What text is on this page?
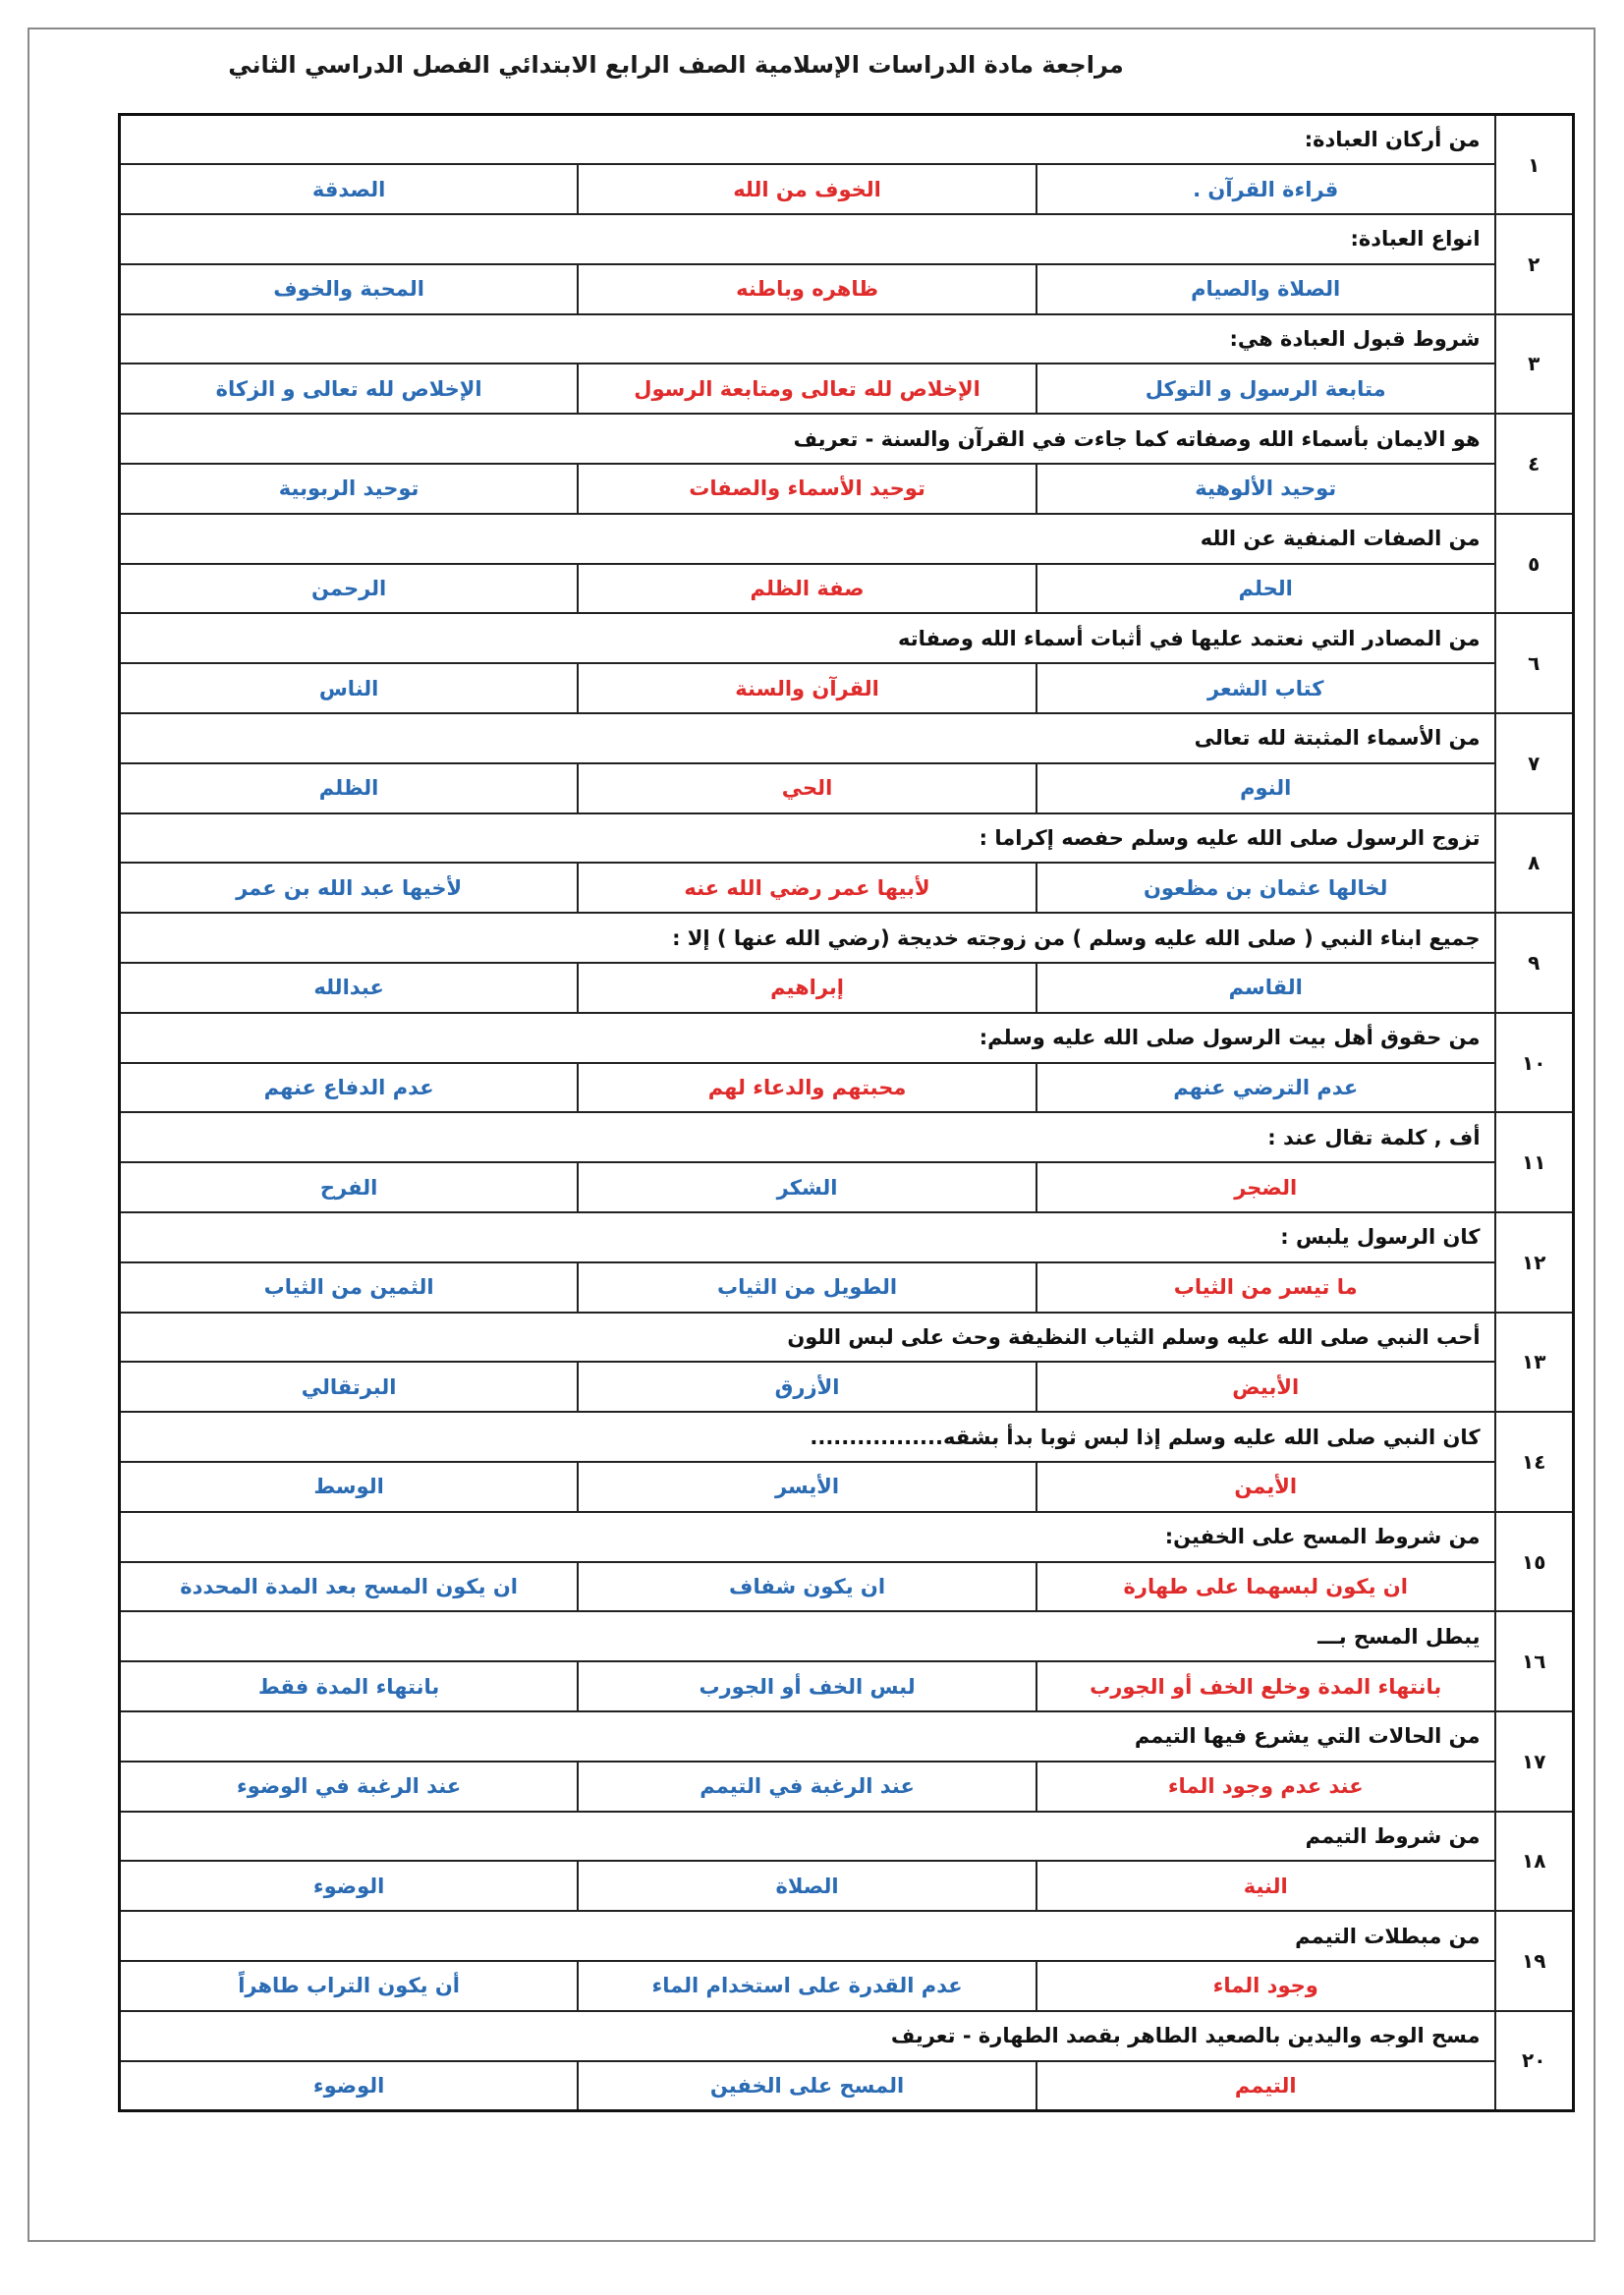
مراجعة مادة الدراسات الإسلامية الصف الرابع الابتدائي الفصل الدراسي الثاني
١	من أركان العبادة:		
	قراءة القرآن .	الخوف من الله	الصدقة
٢	انواع العبادة:		
	الصلاة والصيام	ظاهره وباطنه	المحبة والخوف
٣	شروط قبول العبادة هي:		
	متابعة الرسول و التوكل	الإخلاص لله تعالى ومتابعة الرسول	الإخلاص لله تعالى و الزكاة
٤	هو الايمان بأسماء الله وصفاته كما جاءت في القرآن والسنة - تعريف		
	توحيد الألوهية	توحيد الأسماء والصفات	توحيد الربوبية
٥	من الصفات المنفية عن الله		
	الحلم	صفة الظلم	الرحمن
٦	من المصادر التي نعتمد عليها في أثبات أسماء الله وصفاته		
	كتاب الشعر	القرآن والسنة	الناس
٧	من الأسماء المثبتة لله تعالى		
	النوم	الحي	الظلم
٨	تزوج الرسول صلى الله عليه وسلم حفصه إكراما :		
	لخالها عثمان بن مظعون	لأبيها عمر رضي الله عنه	لأخيها عبد الله بن عمر
٩	جميع ابناء النبي ( صلى الله عليه وسلم ) من زوجته خديجة (رضي الله عنها ) إلا :		
	القاسم	إبراهيم	عبدالله
١٠	من حقوق أهل بيت الرسول صلى الله عليه وسلم:		
	عدم الترضي عنهم	محبتهم والدعاء لهم	عدم الدفاع عنهم
١١	أف , كلمة تقال عند :		
	الضجر	الشكر	الفرح
١٢	كان الرسول يلبس :		
	ما تيسر من الثياب	الطويل من الثياب	الثمين من الثياب
١٣	أحب النبي صلى الله عليه وسلم الثياب النظيفة وحث على لبس اللون		
	الأبيض	الأزرق	البرتقالي
١٤	كان النبي صلى الله عليه وسلم إذا لبس ثوبا بدأ بشقه.................		
	الأيمن	الأيسر	الوسط
١٥	من شروط المسح على الخفين:		
	ان يكون لبسهما على طهارة	ان يكون شفاف	ان يكون المسح بعد المدة المحددة
١٦	يبطل المسح بـــ		
	بانتهاء المدة وخلع الخف أو الجورب	لبس الخف أو الجورب	بانتهاء المدة فقط
١٧	من الحالات التي يشرع فيها التيمم		
	عند عدم وجود الماء	عند الرغبة في التيمم	عند الرغبة في الوضوء
١٨	من شروط التيمم		
	النية	الصلاة	الوضوء
١٩	من مبطلات التيمم		
	وجود الماء	عدم القدرة على استخدام الماء	أن يكون التراب طاهراً
٢٠	مسح الوجه واليدين بالصعيد الطاهر بقصد الطهارة - تعريف		
	التيمم	المسح على الخفين	الوضوء
